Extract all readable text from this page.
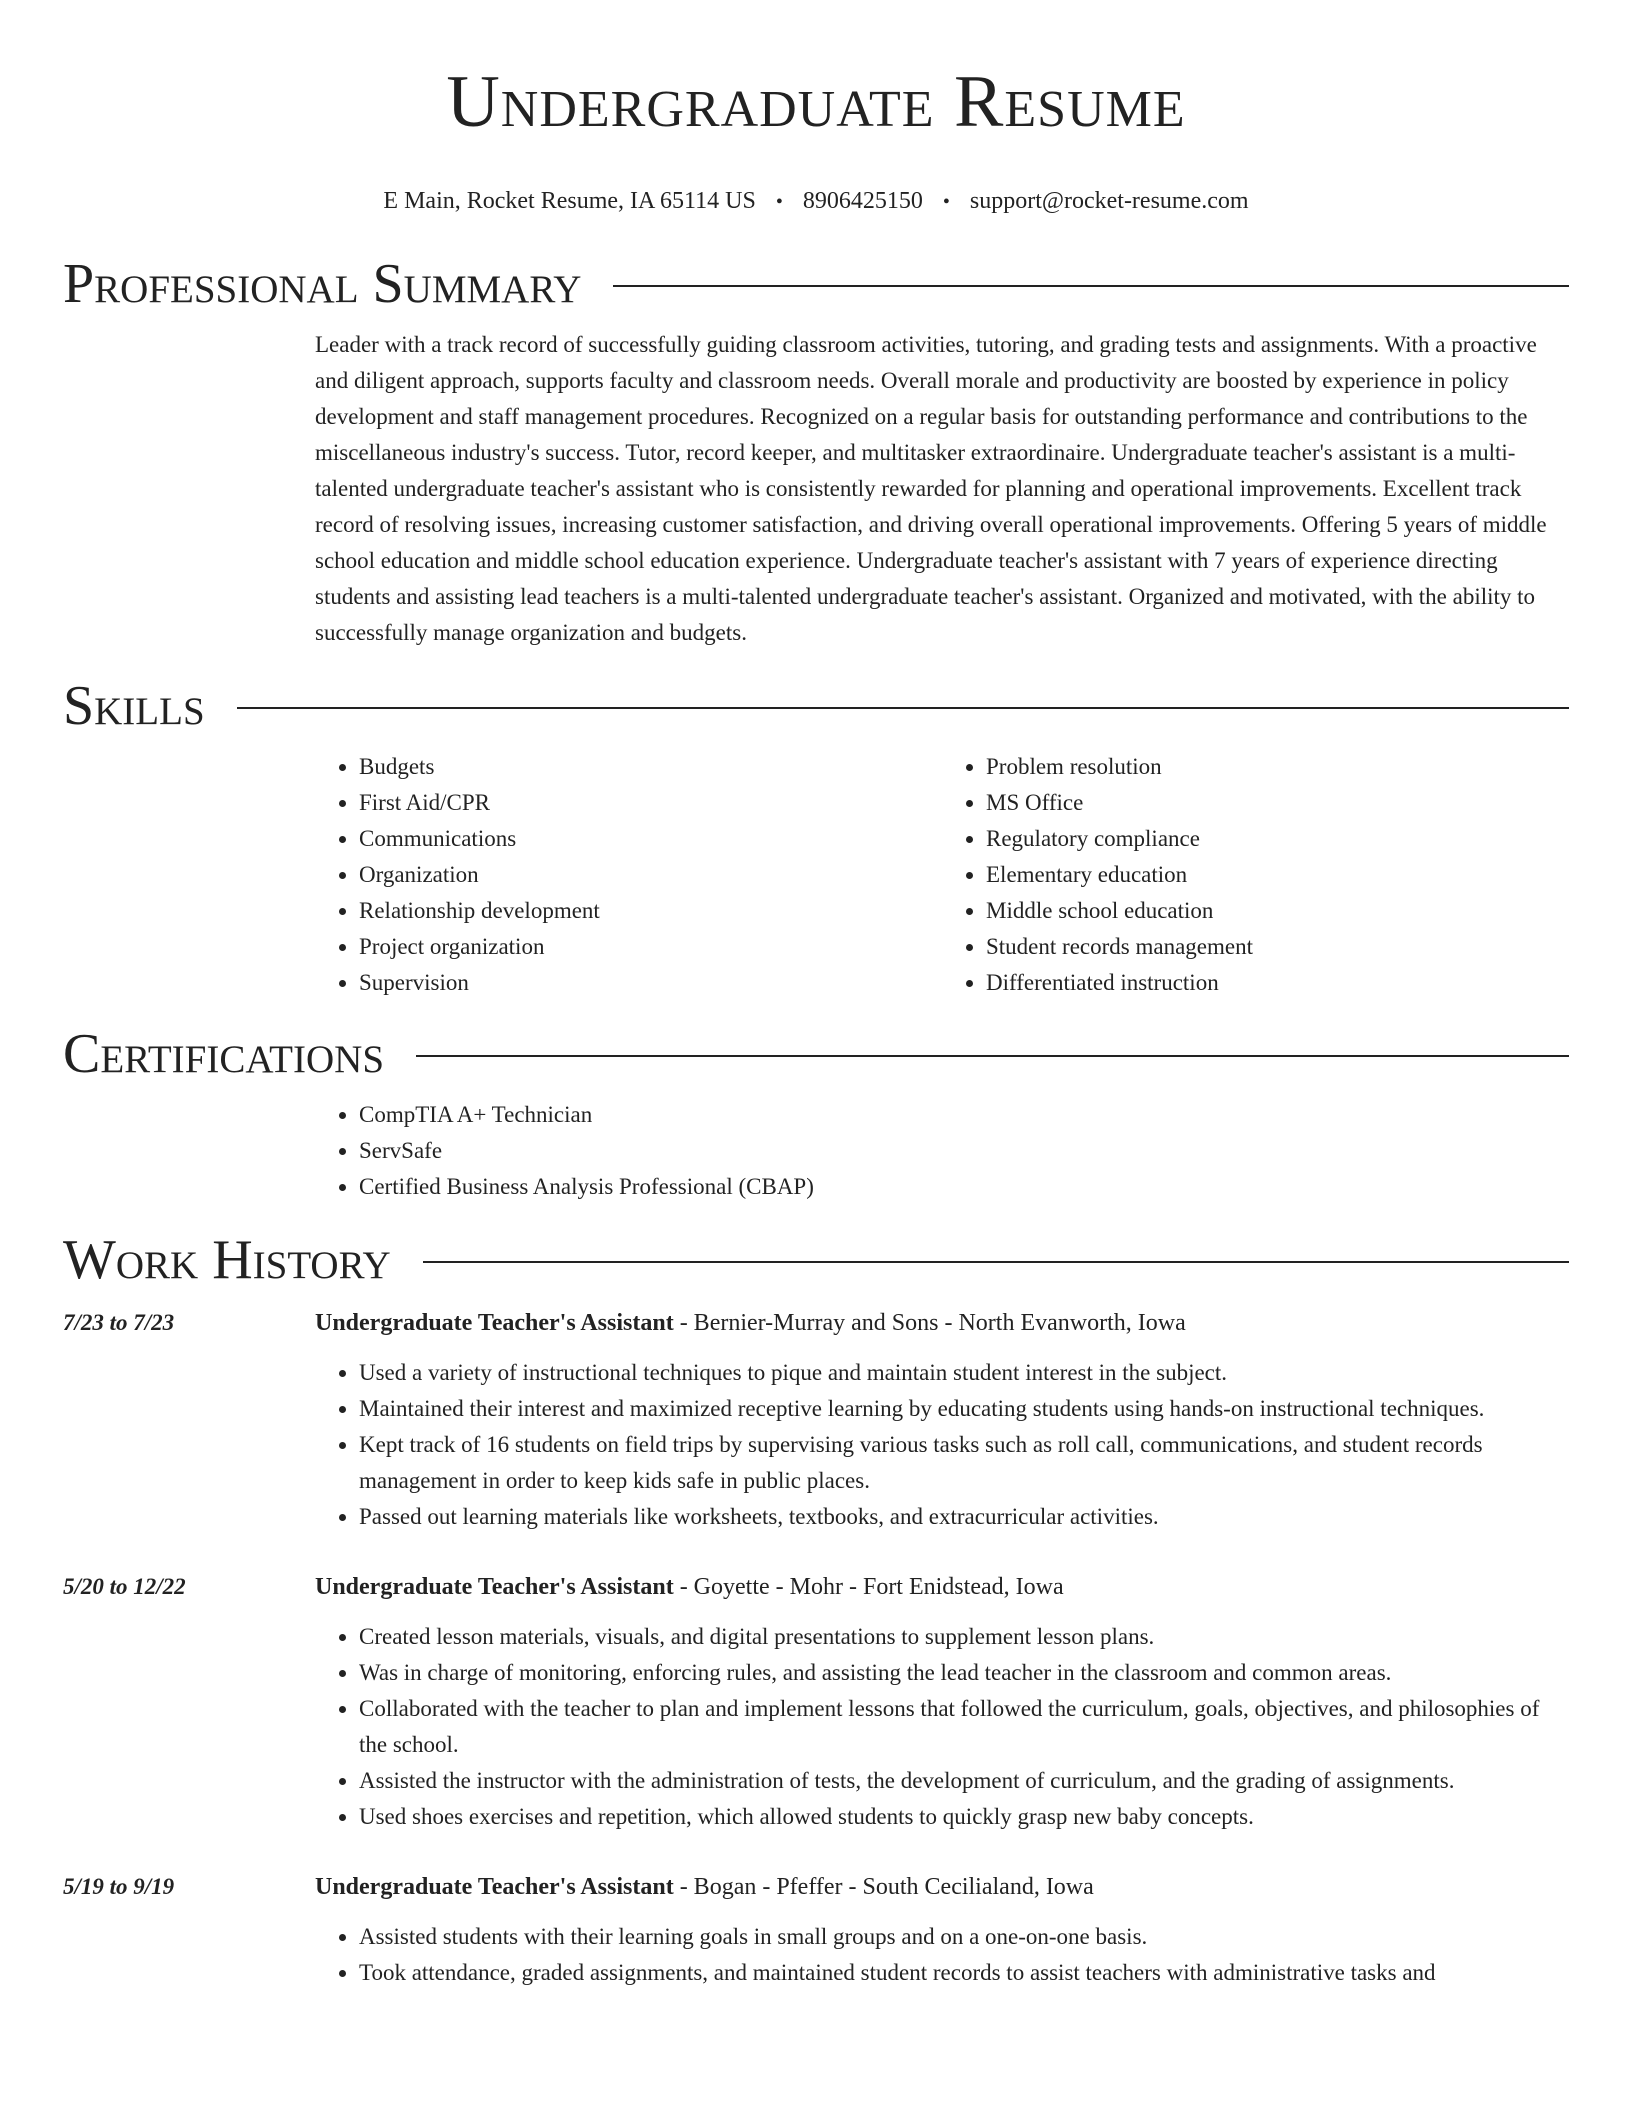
Undergraduate Resume
E Main, Rocket Resume, IA 65114 US • 8906425150 • support@rocket-resume.com
Professional Summary

Leader with a track record of successfully guiding classroom activities, tutoring, and grading tests and assignments. With a proactive and diligent approach, supports faculty and classroom needs. Overall morale and productivity are boosted by experience in policy development and staff management procedures. Recognized on a regular basis for outstanding performance and contributions to the miscellaneous industry's success. Tutor, record keeper, and multitasker extraordinaire. Undergraduate teacher's assistant is a multi-talented undergraduate teacher's assistant who is consistently rewarded for planning and operational improvements. Excellent track record of resolving issues, increasing customer satisfaction, and driving overall operational improvements. Offering 5 years of middle school education and middle school education experience. Undergraduate teacher's assistant with 7 years of experience directing students and assisting lead teachers is a multi-talented undergraduate teacher's assistant. Organized and motivated, with the ability to successfully manage organization and budgets.

Skills
• Budgets
• First Aid/CPR
• Communications
• Organization
• Relationship development
• Project organization
• Supervision
• Problem resolution
• MS Office
• Regulatory compliance
• Elementary education
• Middle school education
• Student records management
• Differentiated instruction
Certifications
• CompTIA A+ Technician
• ServSafe
• Certified Business Analysis Professional (CBAP)
Work History
7/23 to 7/23	Undergraduate Teacher's Assistant - Bernier-Murray and Sons - North Evanworth, Iowa
• Used a variety of instructional techniques to pique and maintain student interest in the subject.
• Maintained their interest and maximized receptive learning by educating students using hands-on instructional techniques.
• Kept track of 16 students on field trips by supervising various tasks such as roll call, communications, and student records management in order to keep kids safe in public places.
• Passed out learning materials like worksheets, textbooks, and extracurricular activities.
5/20 to 12/22	Undergraduate Teacher's Assistant - Goyette - Mohr - Fort Enidstead, Iowa
• Created lesson materials, visuals, and digital presentations to supplement lesson plans.
• Was in charge of monitoring, enforcing rules, and assisting the lead teacher in the classroom and common areas.
• Collaborated with the teacher to plan and implement lessons that followed the curriculum, goals, objectives, and philosophies of the school.
• Assisted the instructor with the administration of tests, the development of curriculum, and the grading of assignments.
• Used shoes exercises and repetition, which allowed students to quickly grasp new baby concepts.
5/19 to 9/19	Undergraduate Teacher's Assistant - Bogan - Pfeffer - South Cecilialand, Iowa
• Assisted students with their learning goals in small groups and on a one-on-one basis.
• Took attendance, graded assignments, and maintained student records to assist teachers with administrative tasks and
